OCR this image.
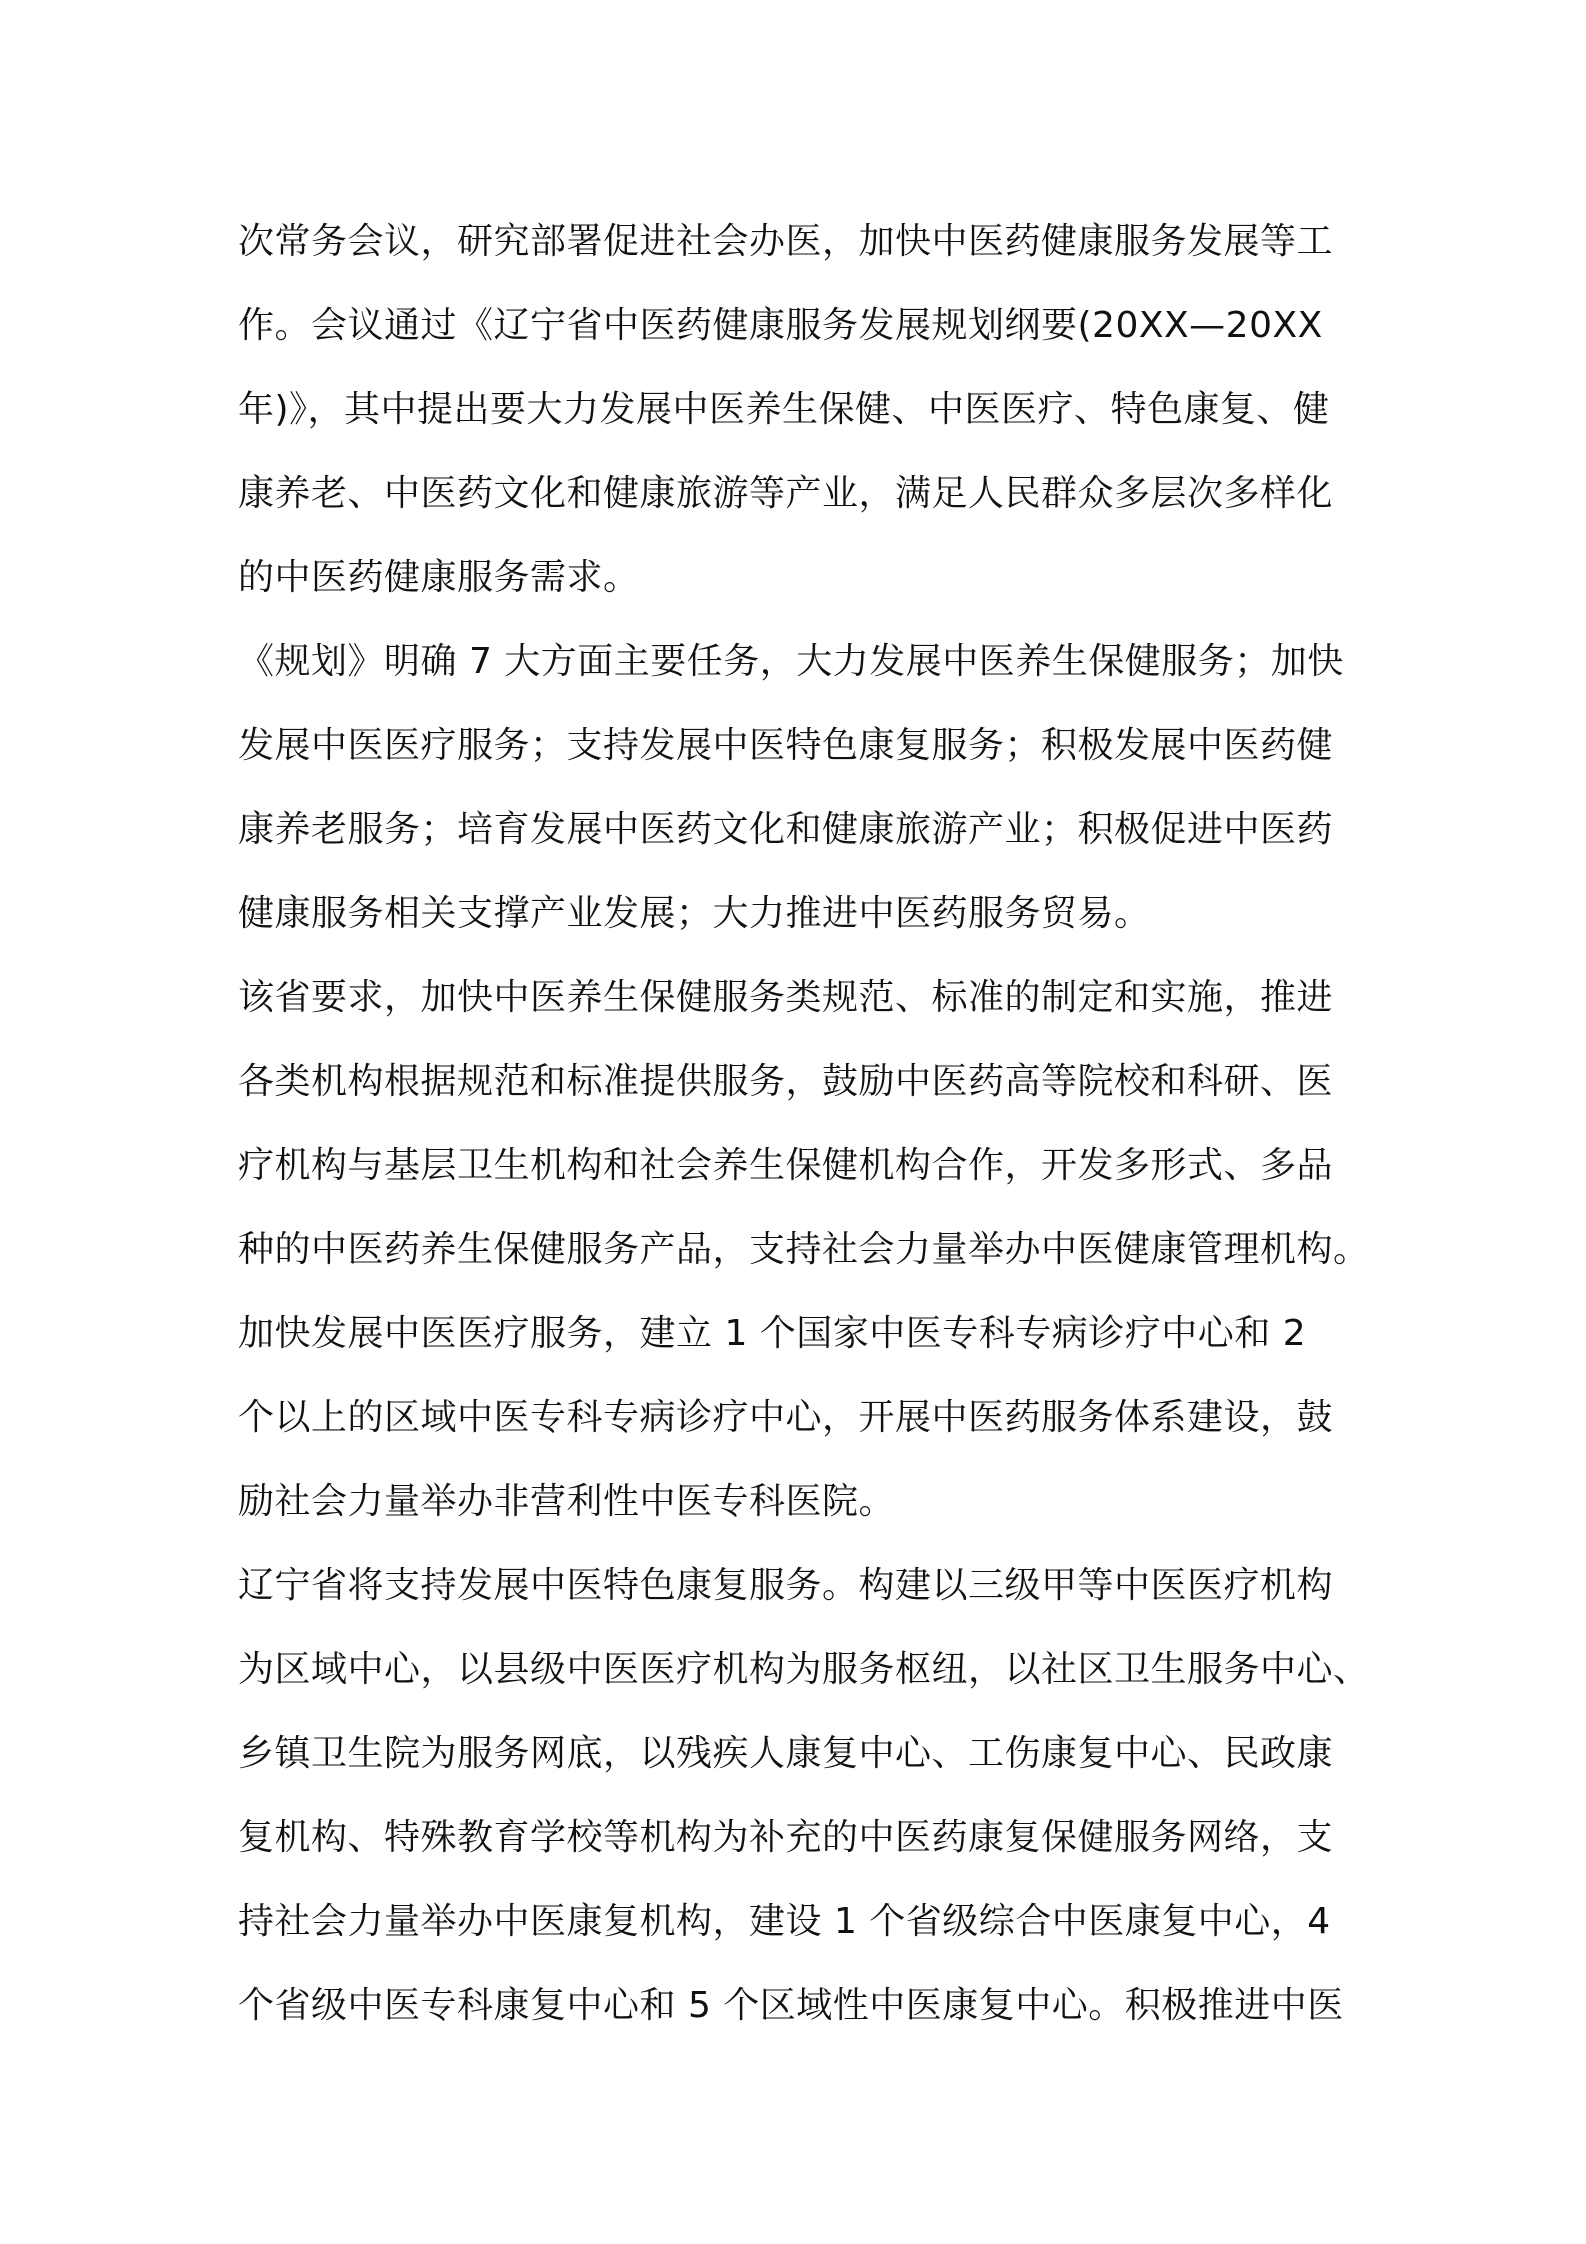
次常务会议，研究部署促进社会办医，加快中医药健康服务发展等工
作。会议通过《辽宁省中医药健康服务发展规划纲要(20XX—20XX
年)》，其中提出要大力发展中医养生保健、中医医疗、特色康复、健
康养老、中医药文化和健康旅游等产业，满足人民群众多层次多样化
的中医药健康服务需求。
《规划》明确 7 大方面主要任务，大力发展中医养生保健服务；加快
发展中医医疗服务；支持发展中医特色康复服务；积极发展中医药健
康养老服务；培育发展中医药文化和健康旅游产业；积极促进中医药
健康服务相关支撑产业发展；大力推进中医药服务贸易。
该省要求，加快中医养生保健服务类规范、标准的制定和实施，推进
各类机构根据规范和标准提供服务，鼓励中医药高等院校和科研、医
疗机构与基层卫生机构和社会养生保健机构合作，开发多形式、多品
种的中医药养生保健服务产品，支持社会力量举办中医健康管理机构。
加快发展中医医疗服务，建立 1 个国家中医专科专病诊疗中心和 2
个以上的区域中医专科专病诊疗中心，开展中医药服务体系建设，鼓
励社会力量举办非营利性中医专科医院。
辽宁省将支持发展中医特色康复服务。构建以三级甲等中医医疗机构
为区域中心，以县级中医医疗机构为服务枢纽，以社区卫生服务中心、
乡镇卫生院为服务网底，以残疾人康复中心、工伤康复中心、民政康
复机构、特殊教育学校等机构为补充的中医药康复保健服务网络，支
持社会力量举办中医康复机构，建设 1 个省级综合中医康复中心，4
个省级中医专科康复中心和 5 个区域性中医康复中心。积极推进中医
